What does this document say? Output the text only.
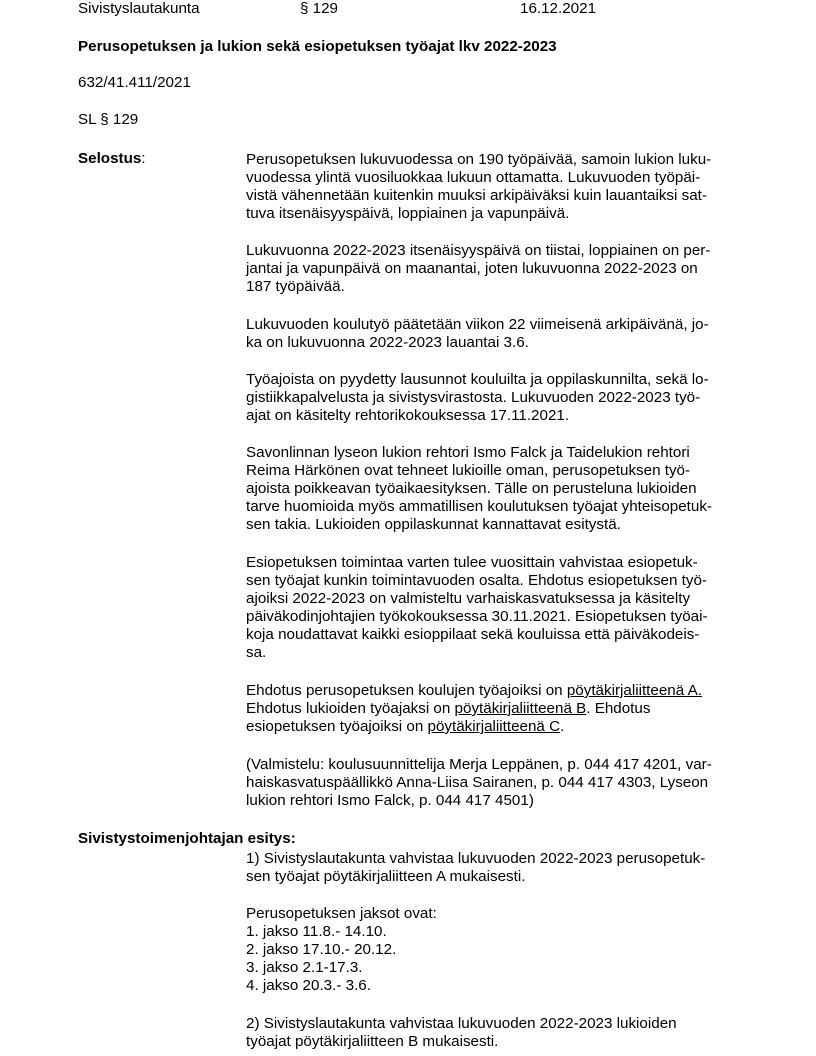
Sivistyslautakunta	§ 129	16.12.2021
Perusopetuksen ja lukion sekä esiopetuksen työajat lkv 2022-2023
632/41.411/2021
SL § 129
Selostus:	Perusopetuksen lukuvuodessa on 190 työpäivää, samoin lukion luku-
vuodessa ylintä vuosiluokkaa lukuun ottamatta. Lukuvuoden työpäi-
vistä vähennetään kuitenkin muuksi arkipäiväksi kuin lauantaiksi sat-
tuva itsenäisyyspäivä, loppiainen ja vapunpäivä.
Lukuvuonna 2022-2023 itsenäisyyspäivä on tiistai, loppiainen on per-
jantai ja vapunpäivä on maanantai, joten lukuvuonna 2022-2023 on
187 työpäivää.
Lukuvuoden koulutyö päätetään viikon 22 viimeisenä arkipäivänä, jo-
ka on lukuvuonna 2022-2023 lauantai 3.6.
Työajoista on pyydetty lausunnot kouluilta ja oppilaskunnilta, sekä lo-
gistiikkapalvelusta ja sivistysvirastosta. Lukuvuoden 2022-2023 työ-
ajat on käsitelty rehtorikokouksessa 17.11.2021.
Savonlinnan lyseon lukion rehtori Ismo Falck ja Taidelukion rehtori
Reima Härkönen ovat tehneet lukioille oman, perusopetuksen työ-
ajoista poikkeavan työaikaesityksen. Tälle on perusteluna lukioiden
tarve huomioida myös ammatillisen koulutuksen työajat yhteisopetuk-
sen takia. Lukioiden oppilaskunnat kannattavat esitystä.
Esiopetuksen toimintaa varten tulee vuosittain vahvistaa esiopetuk-
sen työajat kunkin toimintavuoden osalta. Ehdotus esiopetuksen työ-
ajoiksi 2022-2023 on valmisteltu varhaiskasvatuksessa ja käsitelty
päiväkodinjohtajien työkokouksessa 30.11.2021. Esiopetuksen työai-
koja noudattavat kaikki esioppilaat sekä kouluissa että päiväkodeis-
sa.
Ehdotus perusopetuksen koulujen työajoiksi on pöytäkirjaliitteenä A.
Ehdotus lukioiden työajaksi on pöytäkirjaliitteenä B. Ehdotus
esiopetuksen työajoiksi on pöytäkirjaliitteenä C.
(Valmistelu: koulusuunnittelija Merja Leppänen, p. 044 417 4201, var-
haiskasvatuspäällikkö Anna-Liisa Sairanen, p. 044 417 4303, Lyseon
lukion rehtori Ismo Falck, p. 044 417 4501)
Sivistystoimenjohtajan esitys:
1) Sivistyslautakunta vahvistaa lukuvuoden 2022-2023 perusopetuk-
sen työajat pöytäkirjaliitteen A mukaisesti.
Perusopetuksen jaksot ovat:
1. jakso 11.8.- 14.10.
2. jakso 17.10.- 20.12.
3. jakso 2.1-17.3.
4. jakso 20.3.- 3.6.
2) Sivistyslautakunta vahvistaa lukuvuoden 2022-2023 lukioiden
työajat pöytäkirjaliitteen B mukaisesti.
